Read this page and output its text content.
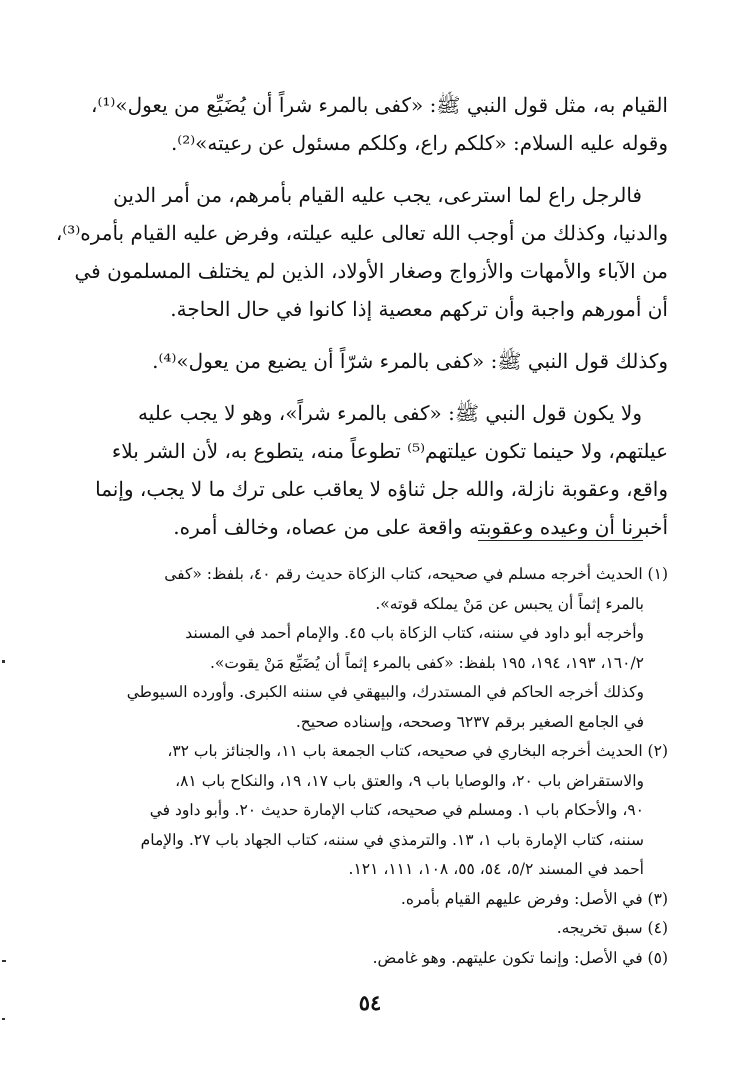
القيام به، مثل قول النبي ﷺ: «كفى بالمرء شراً أن يُضَيِّع من يعول»⁽¹⁾،
وقوله عليه السلام: «كلكم راع، وكلكم مسئول عن رعيته»⁽²⁾.
فالرجل راع لما استرعى، يجب عليه القيام بأمرهم، من أمر الدين
والدنيا، وكذلك من أوجب الله تعالى عليه عيلته، وفرض عليه القيام بأمره⁽³⁾،
من الآباء والأمهات والأزواج وصغار الأولاد، الذين لم يختلف المسلمون في
أن أمورهم واجبة وأن تركهم معصية إذا كانوا في حال الحاجة.
وكذلك قول النبي ﷺ: «كفى بالمرء شرّاً أن يضيع من يعول»⁽⁴⁾.
ولا يكون قول النبي ﷺ: «كفى بالمرء شراً»، وهو لا يجب عليه
عيلتهم، ولا حينما تكون عيلتهم⁽⁵⁾ تطوعاً منه، يتطوع به، لأن الشر بلاء
واقع، وعقوبة نازلة، والله جل ثناؤه لا يعاقب على ترك ما لا يجب، وإنما
أخبرنا أن وعيده وعقوبته واقعة على من عصاه، وخالف أمره.
(١) الحديث أخرجه مسلم في صحيحه، كتاب الزكاة حديث رقم ٤٠، بلفظ: «كفى
بالمرء إثماً أن يحبس عن مَنْ يملكه قوته».
وأخرجه أبو داود في سننه، كتاب الزكاة باب ٤٥. والإمام أحمد في المسند
١٦٠/٢، ١٩٣، ١٩٤، ١٩٥ بلفظ: «كفى بالمرء إثماً أن يُضَيِّع مَنْ يقوت».
وكذلك أخرجه الحاكم في المستدرك، والبيهقي في سننه الكبرى. وأورده السيوطي
في الجامع الصغير برقم ٦٢٣٧ وصححه، وإسناده صحيح.
(٢) الحديث أخرجه البخاري في صحيحه، كتاب الجمعة باب ١١، والجنائز باب ٣٢،
والاستقراض باب ٢٠، والوصايا باب ٩، والعتق باب ١٧، ١٩، والنكاح باب ٨١،
٩٠، والأحكام باب ١. ومسلم في صحيحه، كتاب الإمارة حديث ٢٠. وأبو داود في
سننه، كتاب الإمارة باب ١، ١٣. والترمذي في سننه، كتاب الجهاد باب ٢٧. والإمام
أحمد في المسند ٥/٢، ٥٤، ٥٥، ١٠٨، ١١١، ١٢١.
(٣) في الأصل: وفرض عليهم القيام بأمره.
(٤) سبق تخريجه.
(٥) في الأصل: وإنما تكون عليتهم. وهو غامض.
٥٤
